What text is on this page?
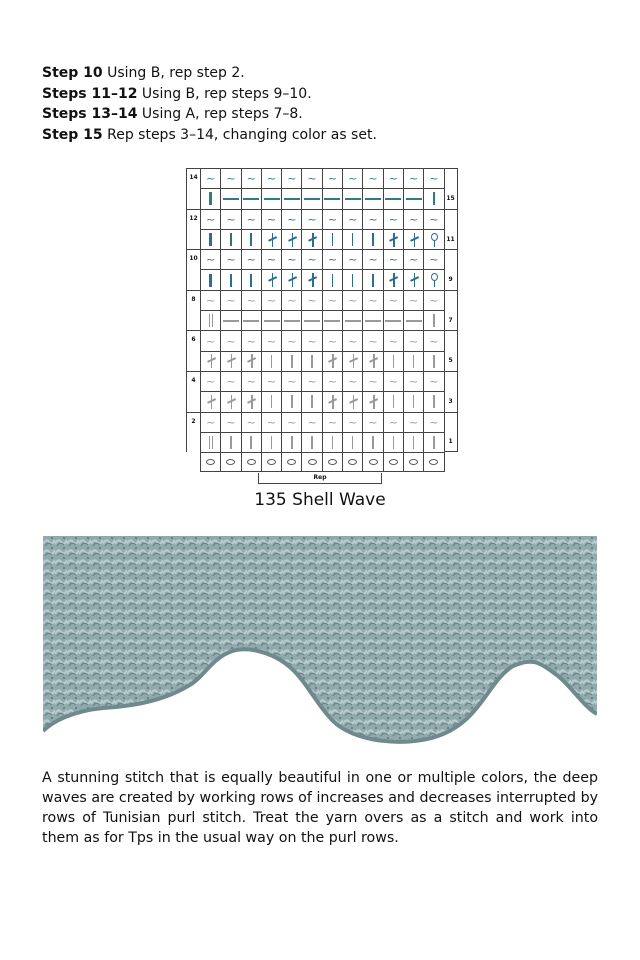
Step 10 Using B, rep step 2.
Steps 11–12 Using B, rep steps 9–10.
Steps 13–14 Using A, rep steps 7–8.
Step 15 Rep steps 3–14, changing color as set.
14 ~ ~ ~ ~ ~ ~ ~ ~ ~ ~ ~ ~
15
12 ~ ~ ~ ~ ~ ~ ~ ~ ~ ~ ~ ~
11
10 ~ ~ ~ ~ ~ ~ ~ ~ ~ ~ ~ ~
9
8 ~ ~ ~ ~ ~ ~ ~ ~ ~ ~ ~ ~
7
6 ~ ~ ~ ~ ~ ~ ~ ~ ~ ~ ~ ~
5
4 ~ ~ ~ ~ ~ ~ ~ ~ ~ ~ ~ ~
3
2 ~ ~ ~ ~ ~ ~ ~ ~ ~ ~ ~ ~
1
Rep
135 Shell Wave
A stunning stitch that is equally beautiful in one or multiple colors, the deep waves are created by working rows of increases and decreases interrupted by rows of Tunisian purl stitch. Treat the yarn overs as a stitch and work into them as for Tps in the usual way on the purl rows.
